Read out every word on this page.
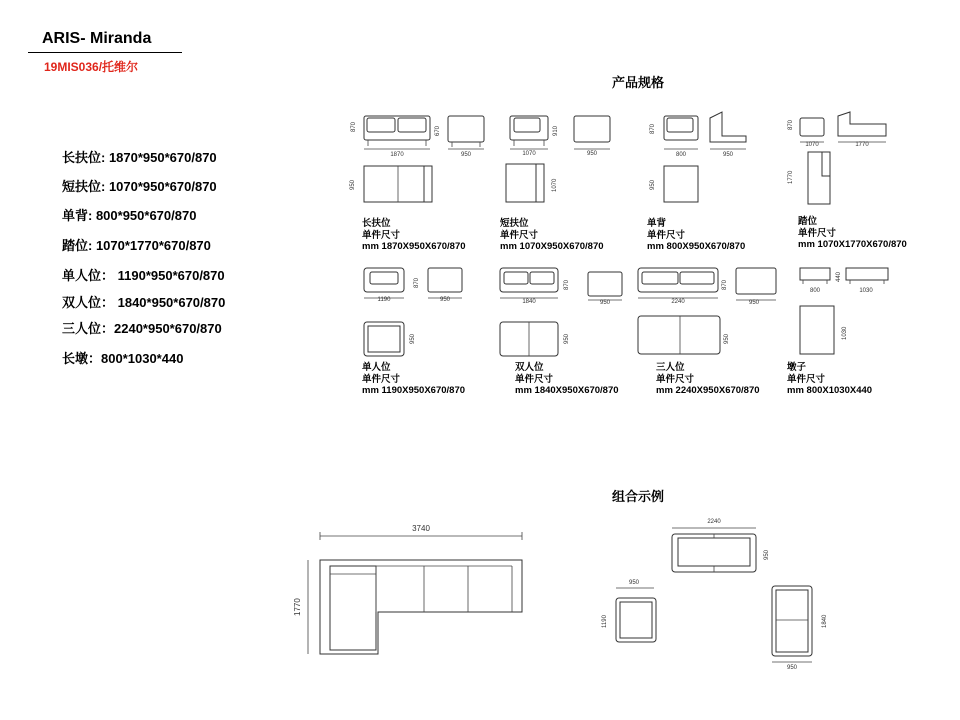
ARIS- Miranda
19MIS036/托维尔
长扶位: 1870*950*670/870
短扶位: 1070*950*670/870
单背: 800*950*670/870
踏位: 1070*1770*670/870
单人位： 1190*950*670/870
双人位： 1840*950*670/870
三人位：2240*950*670/870
长墩：800*1030*440
产品规格
组合示例
1870
870	670
950
950
1070
910
950
1070
800
870
950
950
1070
870
1770
1770
1190
870
950
950
1840
870
950
950
2240
870
950
950
800
440
1030
1030
3740
1770
2240
950
950
1190	1840
950
长扶位
单件尺寸
mm 1870X950X670/870
短扶位
单件尺寸
mm 1070X950X670/870
单背
单件尺寸
mm 800X950X670/870
踏位
单件尺寸
mm 1070X1770X670/870
单人位
单件尺寸
mm 1190X950X670/870
双人位
单件尺寸
mm 1840X950X670/870
三人位
单件尺寸
mm 2240X950X670/870
墩子
单件尺寸
mm 800X1030X440
